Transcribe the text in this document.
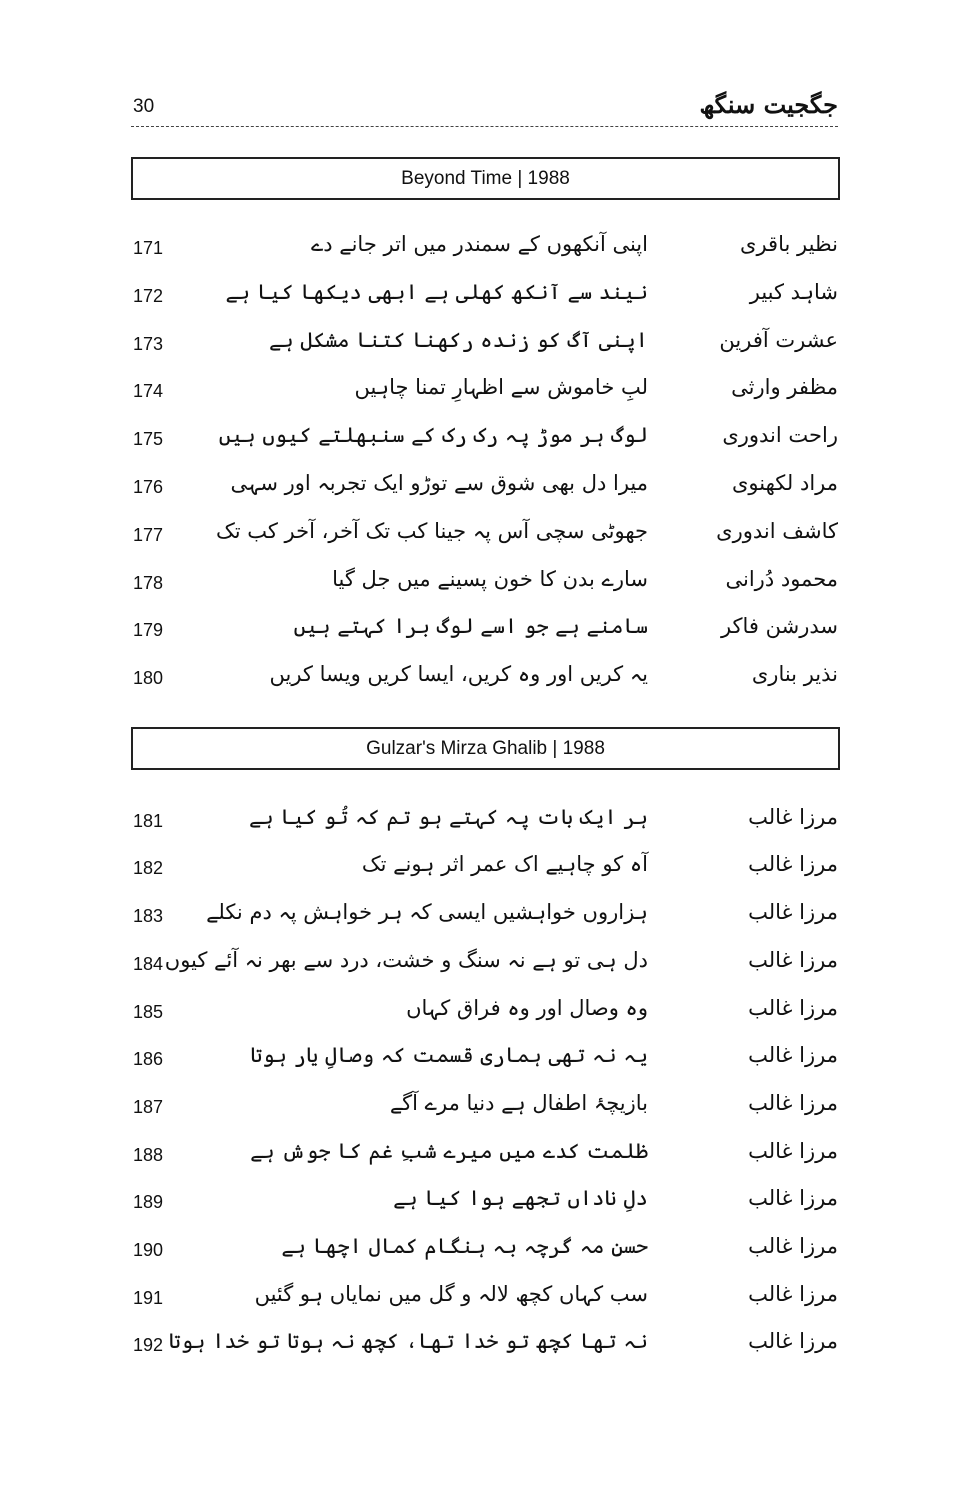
30	جگجیت سنگھ
Beyond Time | 1988
171	اپنی آنکھوں کے سمندر میں اتر جانے دے	نظیر باقری
172	نیند سے آنکھ کھلی ہے ابھی دیکھا کیا ہے	شاہد کبیر
173	اپنی آگ کو زندہ رکھنا کتنا مشکل ہے	عشرت آفرین
174	لبِ خاموش سے اظہارِ تمنا چاہیں	مظفر وارثی
175	لوگ ہر موڑ پہ رک رک کے سنبھلتے کیوں ہیں	راحت اندوری
176	میرا دل بھی شوق سے توڑو ایک تجربہ اور سہی	مراد لکھنوی
177	جھوٹی سچی آس پہ جینا کب تک آخر، آخر کب تک	کاشف اندوری
178	سارے بدن کا خون پسینے میں جل گیا	محمود دُرانی
179	سامنے ہے جو اسے لوگ برا کہتے ہیں	سدرشن فاکر
180	یہ کریں اور وہ کریں، ایسا کریں ویسا کریں	نذیر بناری
Gulzar's Mirza Ghalib | 1988
181	ہر ایک بات پہ کہتے ہو تم کہ تُو کیا ہے	مرزا غالب
182	آہ کو چاہیے اک عمر اثر ہونے تک	مرزا غالب
183 ہزاروں خواہشیں ایسی کہ ہر خواہش پہ دم نکلے	مرزا غالب
184 دل ہی تو ہے نہ سنگ و خشت، درد سے بھر نہ آئے کیوں	مرزا غالب
185	وہ وصال اور وہ فراق کہاں	مرزا غالب
186	یہ نہ تھی ہماری قسمت کہ وصالِ یار ہوتا	مرزا غالب
187	بازیچۂ اطفال ہے دنیا مرے آگے	مرزا غالب
188	ظلمت کدے میں میرے شبِ غم کا جوش ہے	مرزا غالب
189	دلِ ناداں تجھے ہوا کیا ہے	مرزا غالب
190	حسنِ مہ گرچہ بہ ہنگام کمال اچھا ہے	مرزا غالب
191	سب کہاں کچھ لالہ و گل میں نمایاں ہو گئیں	مرزا غالب
192 نہ تھا کچھ تو خدا تھا، کچھ نہ ہوتا تو خدا ہوتا	مرزا غالب
